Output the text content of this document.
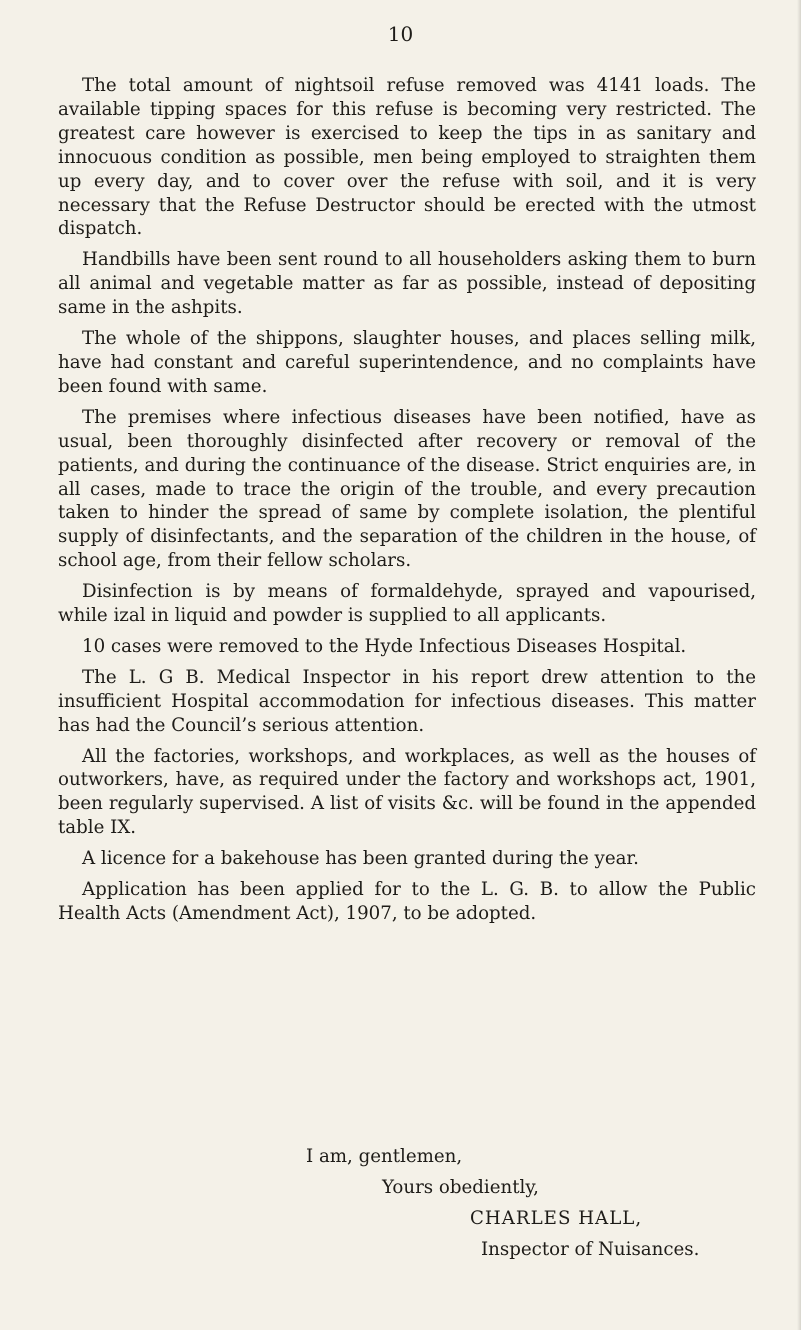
10

The total amount of nightsoil refuse removed was 4141 loads. The available tipping spaces for this refuse is becoming very restricted. The greatest care however is exercised to keep the tips in as sanitary and innocuous condition as possible, men being employed to straighten them up every day, and to cover over the refuse with soil, and it is very necessary that the Refuse Destructor should be erected with the utmost dispatch.

Handbills have been sent round to all householders asking them to burn all animal and vegetable matter as far as possible, instead of depositing same in the ashpits.

The whole of the shippons, slaughter houses, and places selling milk, have had constant and careful superintendence, and no complaints have been found with same.

The premises where infectious diseases have been notified, have as usual, been thoroughly disinfected after recovery or removal of the patients, and during the continuance of the disease. Strict enquiries are, in all cases, made to trace the origin of the trouble, and every precaution taken to hinder the spread of same by complete isolation, the plentiful supply of disinfectants, and the separation of the children in the house, of school age, from their fellow scholars.

Disinfection is by means of formaldehyde, sprayed and vapourised, while izal in liquid and powder is supplied to all applicants.

10 cases were removed to the Hyde Infectious Diseases Hospital.

The L. G B. Medical Inspector in his report drew attention to the insufficient Hospital accommodation for infectious diseases. This matter has had the Council’s serious attention.

All the factories, workshops, and workplaces, as well as the houses of outworkers, have, as required under the factory and workshops act, 1901, been regularly supervised. A list of visits &c. will be found in the appended table IX.

A licence for a bakehouse has been granted during the year.

Application has been applied for to the L. G. B. to allow the Public Health Acts (Amendment Act), 1907, to be adopted.

I am, gentlemen,
Yours obediently,
CHARLES HALL,
Inspector of Nuisances.
